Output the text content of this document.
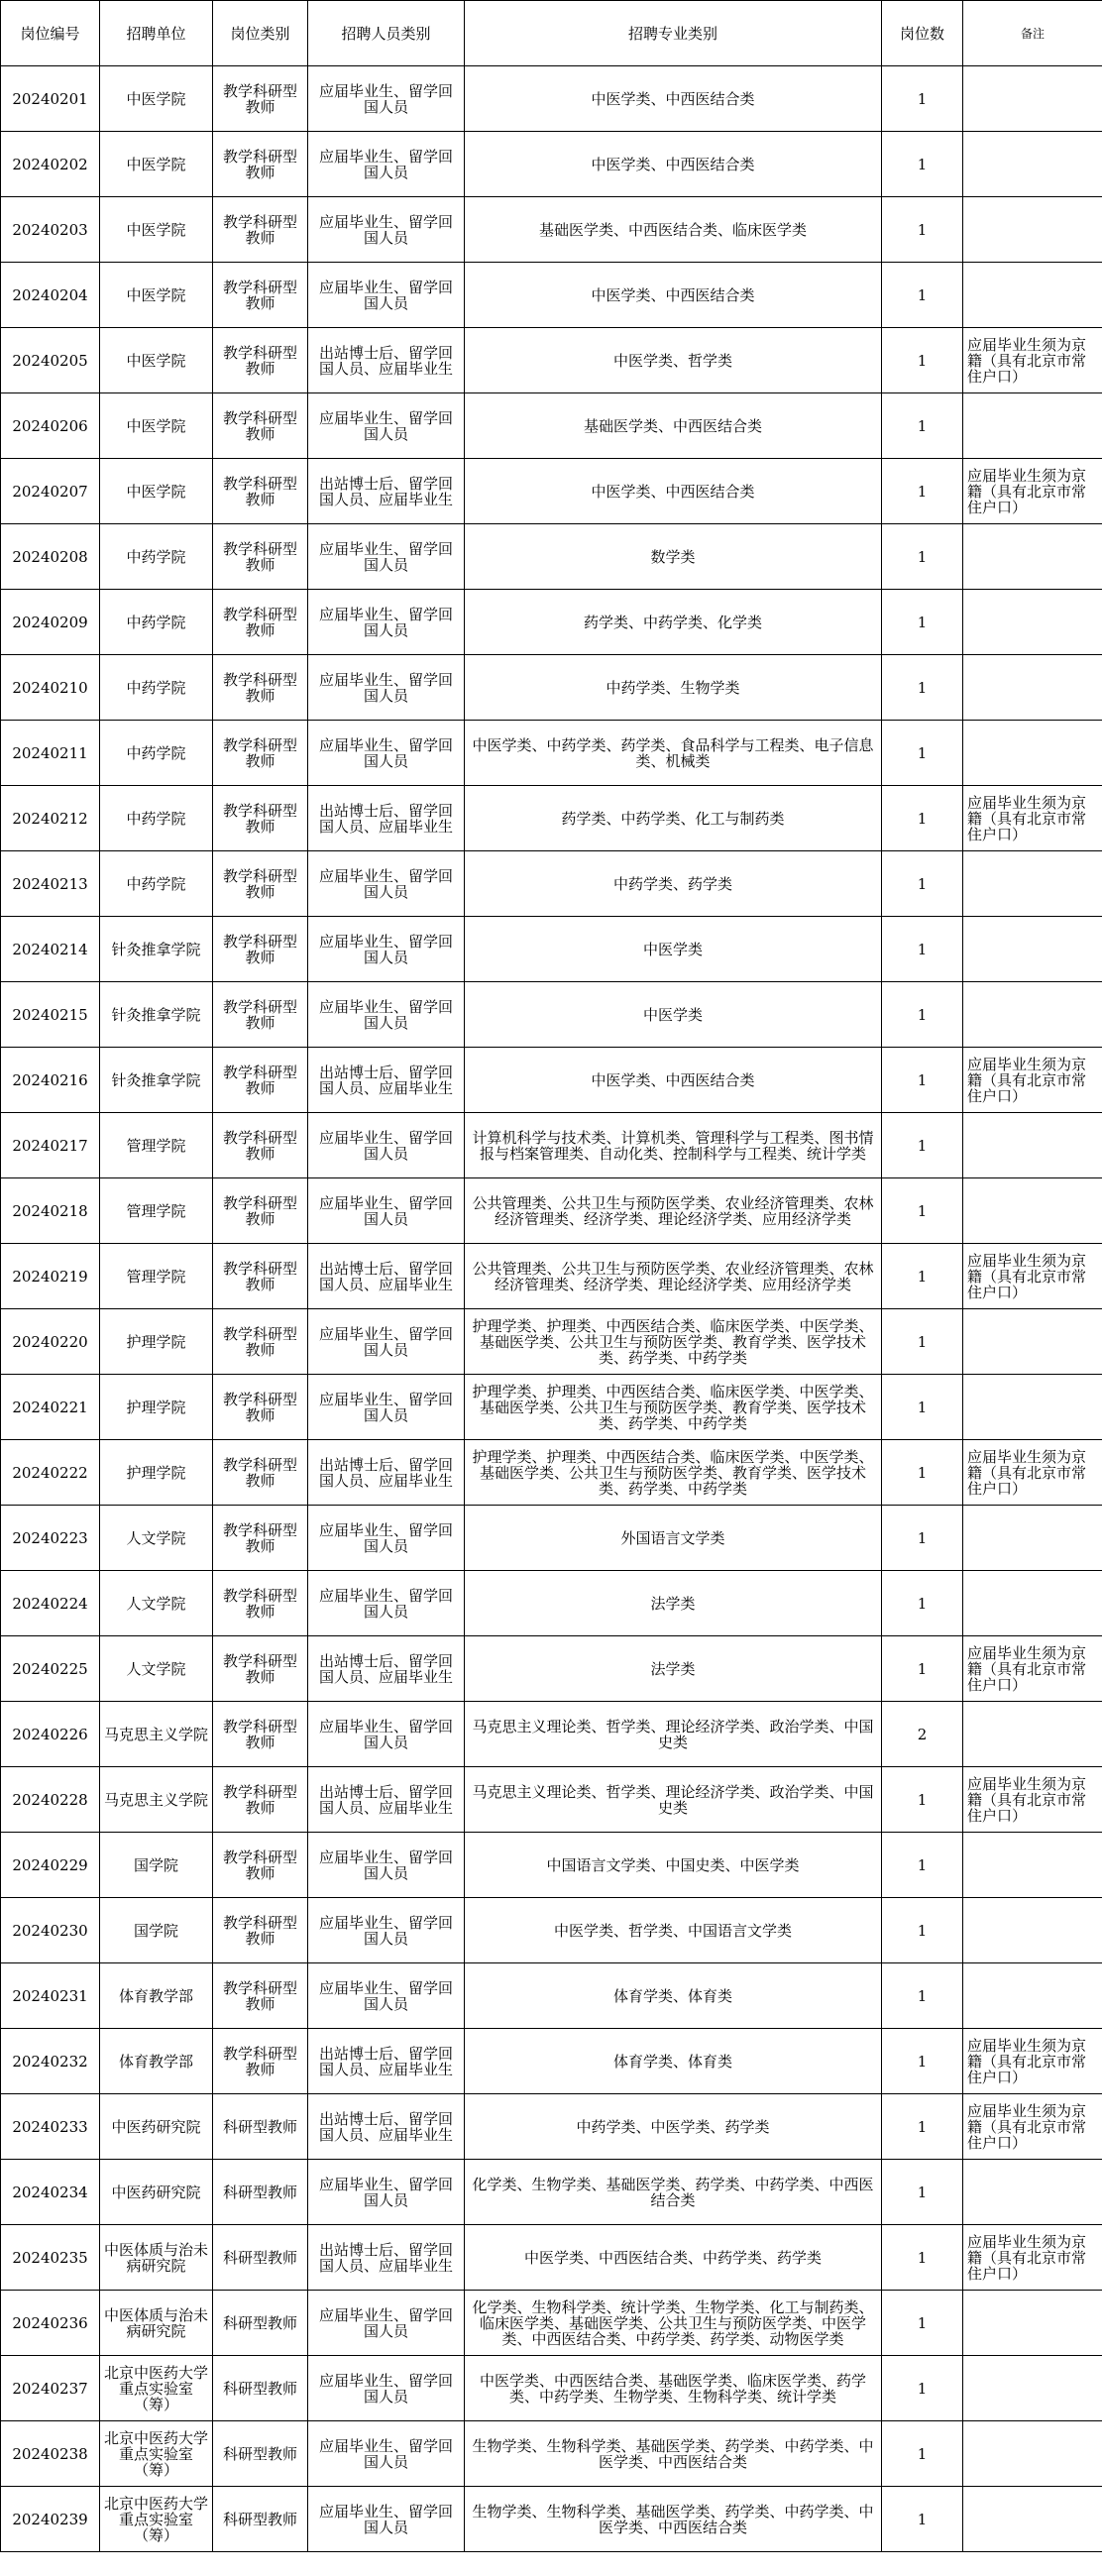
岗位编号	招聘单位	岗位类别	招聘人员类别	招聘专业类别	岗位数	备注
20240201	中医学院	教学科研型教师	应届毕业生、留学回国人员	中医学类、中西医结合类	1	
20240202	中医学院	教学科研型教师	应届毕业生、留学回国人员	中医学类、中西医结合类	1	
20240203	中医学院	教学科研型教师	应届毕业生、留学回国人员	基础医学类、中西医结合类、临床医学类	1	
20240204	中医学院	教学科研型教师	应届毕业生、留学回国人员	中医学类、中西医结合类	1	
20240205	中医学院	教学科研型教师	出站博士后、留学回国人员、应届毕业生	中医学类、哲学类	1	应届毕业生须为京籍（具有北京市常住户口）
20240206	中医学院	教学科研型教师	应届毕业生、留学回国人员	基础医学类、中西医结合类	1	
20240207	中医学院	教学科研型教师	出站博士后、留学回国人员、应届毕业生	中医学类、中西医结合类	1	应届毕业生须为京籍（具有北京市常住户口）
20240208	中药学院	教学科研型教师	应届毕业生、留学回国人员	数学类	1	
20240209	中药学院	教学科研型教师	应届毕业生、留学回国人员	药学类、中药学类、化学类	1	
20240210	中药学院	教学科研型教师	应届毕业生、留学回国人员	中药学类、生物学类	1	
20240211	中药学院	教学科研型教师	应届毕业生、留学回国人员	中医学类、中药学类、药学类、食品科学与工程类、电子信息类、机械类	1	
20240212	中药学院	教学科研型教师	出站博士后、留学回国人员、应届毕业生	药学类、中药学类、化工与制药类	1	应届毕业生须为京籍（具有北京市常住户口）
20240213	中药学院	教学科研型教师	应届毕业生、留学回国人员	中药学类、药学类	1	
20240214	针灸推拿学院	教学科研型教师	应届毕业生、留学回国人员	中医学类	1	
20240215	针灸推拿学院	教学科研型教师	应届毕业生、留学回国人员	中医学类	1	
20240216	针灸推拿学院	教学科研型教师	出站博士后、留学回国人员、应届毕业生	中医学类、中西医结合类	1	应届毕业生须为京籍（具有北京市常住户口）
20240217	管理学院	教学科研型教师	应届毕业生、留学回国人员	计算机科学与技术类、计算机类、管理科学与工程类、图书情报与档案管理类、自动化类、控制科学与工程类、统计学类	1	
20240218	管理学院	教学科研型教师	应届毕业生、留学回国人员	公共管理类、公共卫生与预防医学类、农业经济管理类、农林经济管理类、经济学类、理论经济学类、应用经济学类	1	
20240219	管理学院	教学科研型教师	出站博士后、留学回国人员、应届毕业生	公共管理类、公共卫生与预防医学类、农业经济管理类、农林经济管理类、经济学类、理论经济学类、应用经济学类	1	应届毕业生须为京籍（具有北京市常住户口）
20240220	护理学院	教学科研型教师	应届毕业生、留学回国人员	护理学类、护理类、中西医结合类、临床医学类、中医学类、基础医学类、公共卫生与预防医学类、教育学类、医学技术类、药学类、中药学类	1	
20240221	护理学院	教学科研型教师	应届毕业生、留学回国人员	护理学类、护理类、中西医结合类、临床医学类、中医学类、基础医学类、公共卫生与预防医学类、教育学类、医学技术类、药学类、中药学类	1	
20240222	护理学院	教学科研型教师	出站博士后、留学回国人员、应届毕业生	护理学类、护理类、中西医结合类、临床医学类、中医学类、基础医学类、公共卫生与预防医学类、教育学类、医学技术类、药学类、中药学类	1	应届毕业生须为京籍（具有北京市常住户口）
20240223	人文学院	教学科研型教师	应届毕业生、留学回国人员	外国语言文学类	1	
20240224	人文学院	教学科研型教师	应届毕业生、留学回国人员	法学类	1	
20240225	人文学院	教学科研型教师	出站博士后、留学回国人员、应届毕业生	法学类	1	应届毕业生须为京籍（具有北京市常住户口）
20240226	马克思主义学院	教学科研型教师	应届毕业生、留学回国人员	马克思主义理论类、哲学类、理论经济学类、政治学类、中国史类	2	
20240228	马克思主义学院	教学科研型教师	出站博士后、留学回国人员、应届毕业生	马克思主义理论类、哲学类、理论经济学类、政治学类、中国史类	1	应届毕业生须为京籍（具有北京市常住户口）
20240229	国学院	教学科研型教师	应届毕业生、留学回国人员	中国语言文学类、中国史类、中医学类	1	
20240230	国学院	教学科研型教师	应届毕业生、留学回国人员	中医学类、哲学类、中国语言文学类	1	
20240231	体育教学部	教学科研型教师	应届毕业生、留学回国人员	体育学类、体育类	1	
20240232	体育教学部	教学科研型教师	出站博士后、留学回国人员、应届毕业生	体育学类、体育类	1	应届毕业生须为京籍（具有北京市常住户口）
20240233	中医药研究院	科研型教师	出站博士后、留学回国人员、应届毕业生	中药学类、中医学类、药学类	1	应届毕业生须为京籍（具有北京市常住户口）
20240234	中医药研究院	科研型教师	应届毕业生、留学回国人员	化学类、生物学类、基础医学类、药学类、中药学类、中西医结合类	1	
20240235	中医体质与治未病研究院	科研型教师	出站博士后、留学回国人员、应届毕业生	中医学类、中西医结合类、中药学类、药学类	1	应届毕业生须为京籍（具有北京市常住户口）
20240236	中医体质与治未病研究院	科研型教师	应届毕业生、留学回国人员	化学类、生物科学类、统计学类、生物学类、化工与制药类、临床医学类、基础医学类、公共卫生与预防医学类、中医学类、中西医结合类、中药学类、药学类、动物医学类	1	
20240237	北京中医药大学重点实验室（筹）	科研型教师	应届毕业生、留学回国人员	中医学类、中西医结合类、基础医学类、临床医学类、药学类、中药学类、生物学类、生物科学类、统计学类	1	
20240238	北京中医药大学重点实验室（筹）	科研型教师	应届毕业生、留学回国人员	生物学类、生物科学类、基础医学类、药学类、中药学类、中医学类、中西医结合类	1	
20240239	北京中医药大学重点实验室（筹）	科研型教师	应届毕业生、留学回国人员	生物学类、生物科学类、基础医学类、药学类、中药学类、中医学类、中西医结合类	1	
